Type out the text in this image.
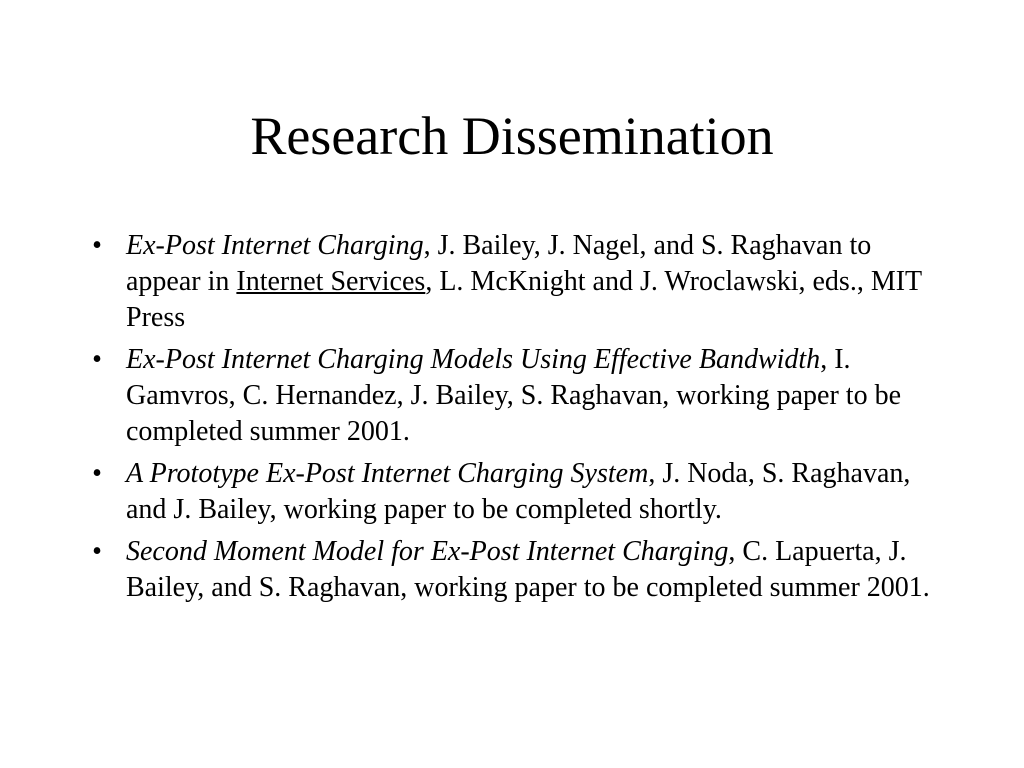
Research Dissemination
• Ex-Post Internet Charging, J. Bailey, J. Nagel, and S. Raghavan to appear in Internet Services, L. McKnight and J. Wroclawski, eds., MIT Press
• Ex-Post Internet Charging Models Using Effective Bandwidth, I. Gamvros, C. Hernandez, J. Bailey, S. Raghavan, working paper to be completed summer 2001.
• A Prototype Ex-Post Internet Charging System, J. Noda, S. Raghavan, and J. Bailey, working paper to be completed shortly.
• Second Moment Model for Ex-Post Internet Charging, C. Lapuerta, J. Bailey, and S. Raghavan, working paper to be completed summer 2001.
